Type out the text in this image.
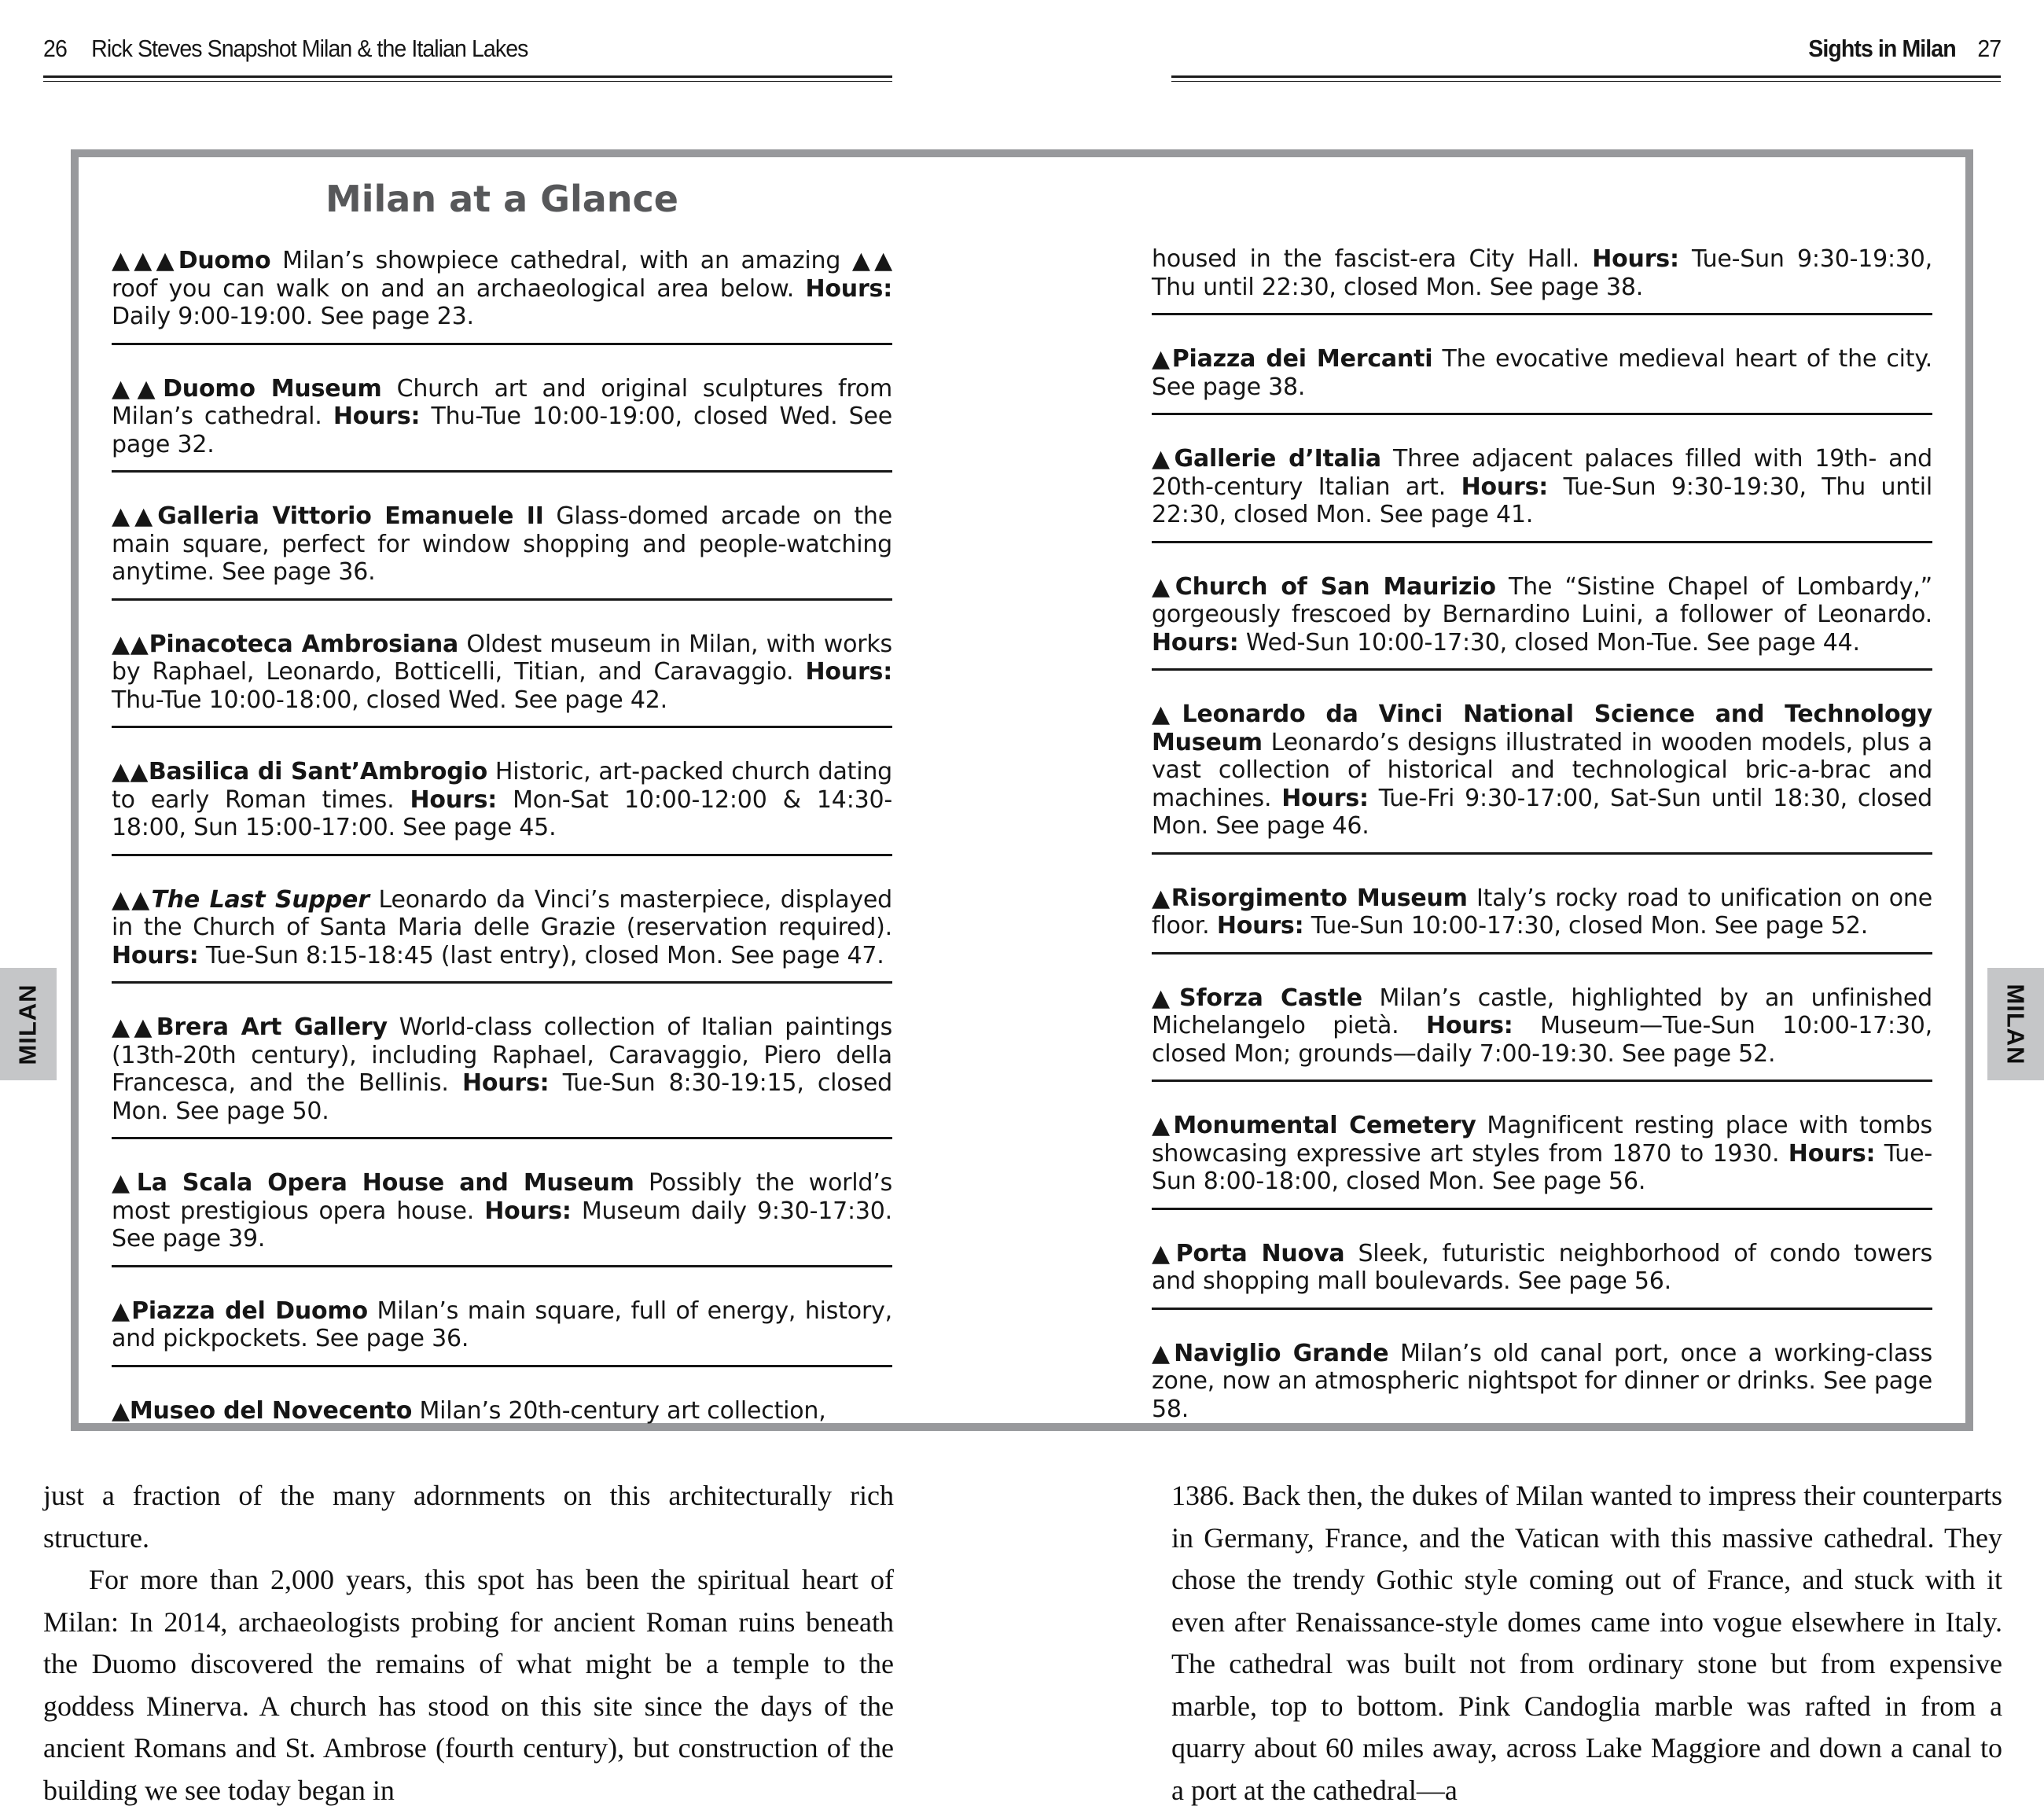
26 Rick Steves Snapshot Milan & the Italian Lakes	Sights in Milan 27
Milan at a Glance
▲▲▲Duomo Milan’s showpiece cathedral, with an amazing ▲▲ roof you can walk on and an archaeological area below. Hours: Daily 9:00-19:00. See page 23.
▲▲Duomo Museum Church art and original sculptures from Milan’s cathedral. Hours: Thu-Tue 10:00-19:00, closed Wed. See page 32.
▲▲Galleria Vittorio Emanuele II Glass-domed arcade on the main square, perfect for window shopping and people-watching anytime. See page 36.
▲▲Pinacoteca Ambrosiana Oldest museum in Milan, with works by Raphael, Leonardo, Botticelli, Titian, and Caravaggio. Hours: Thu-Tue 10:00-18:00, closed Wed. See page 42.
▲▲Basilica di Sant’Ambrogio Historic, art-packed church dating to early Roman times. Hours: Mon-Sat 10:00-12:00 & 14:30-18:00, Sun 15:00-17:00. See page 45.
▲▲The Last Supper Leonardo da Vinci’s masterpiece, displayed in the Church of Santa Maria delle Grazie (reservation required). Hours: Tue-Sun 8:15-18:45 (last entry), closed Mon. See page 47.
▲▲Brera Art Gallery World-class collection of Italian paintings (13th-20th century), including Raphael, Caravaggio, Piero della Francesca, and the Bellinis. Hours: Tue-Sun 8:30-19:15, closed Mon. See page 50.
▲La Scala Opera House and Museum Possibly the world’s most prestigious opera house. Hours: Museum daily 9:30-17:30. See page 39.
▲Piazza del Duomo Milan’s main square, full of energy, history, and pickpockets. See page 36.
▲Museo del Novecento Milan’s 20th-century art collection,
housed in the fascist-era City Hall. Hours: Tue-Sun 9:30-19:30, Thu until 22:30, closed Mon. See page 38.
▲Piazza dei Mercanti The evocative medieval heart of the city. See page 38.
▲Gallerie d’Italia Three adjacent palaces filled with 19th- and 20th-century Italian art. Hours: Tue-Sun 9:30-19:30, Thu until 22:30, closed Mon. See page 41.
▲Church of San Maurizio The “Sistine Chapel of Lombardy,” gorgeously frescoed by Bernardino Luini, a follower of Leonardo. Hours: Wed-Sun 10:00-17:30, closed Mon-Tue. See page 44.
▲Leonardo da Vinci National Science and Technology Museum Leonardo’s designs illustrated in wooden models, plus a vast collection of historical and technological bric-a-brac and machines. Hours: Tue-Fri 9:30-17:00, Sat-Sun until 18:30, closed Mon. See page 46.
▲Risorgimento Museum Italy’s rocky road to unification on one floor. Hours: Tue-Sun 10:00-17:30, closed Mon. See page 52.
▲Sforza Castle Milan’s castle, highlighted by an unfinished Michelangelo pietà. Hours: Museum—Tue-Sun 10:00-17:30, closed Mon; grounds—daily 7:00-19:30. See page 52.
▲Monumental Cemetery Magnificent resting place with tombs showcasing expressive art styles from 1870 to 1930. Hours: Tue-Sun 8:00-18:00, closed Mon. See page 56.
▲Porta Nuova Sleek, futuristic neighborhood of condo towers and shopping mall boulevards. See page 56.
▲Naviglio Grande Milan’s old canal port, once a working-class zone, now an atmospheric nightspot for dinner or drinks. See page 58.

just a fraction of the many adornments on this architecturally rich structure.

For more than 2,000 years, this spot has been the spiritual heart of Milan: In 2014, archaeologists probing for ancient Roman ruins beneath the Duomo discovered the remains of what might be a temple to the goddess Minerva. A church has stood on this site since the days of the ancient Romans and St. Ambrose (fourth century), but construction of the building we see today began in

1386. Back then, the dukes of Milan wanted to impress their counterparts in Germany, France, and the Vatican with this massive cathedral. They chose the trendy Gothic style coming out of France, and stuck with it even after Renaissance-style domes came into vogue elsewhere in Italy. The cathedral was built not from ordinary stone but from expensive marble, top to bottom. Pink Candoglia marble was rafted in from a quarry about 60 miles away, across Lake Maggiore and down a canal to a port at the cathedral—a

MILAN	MILAN
